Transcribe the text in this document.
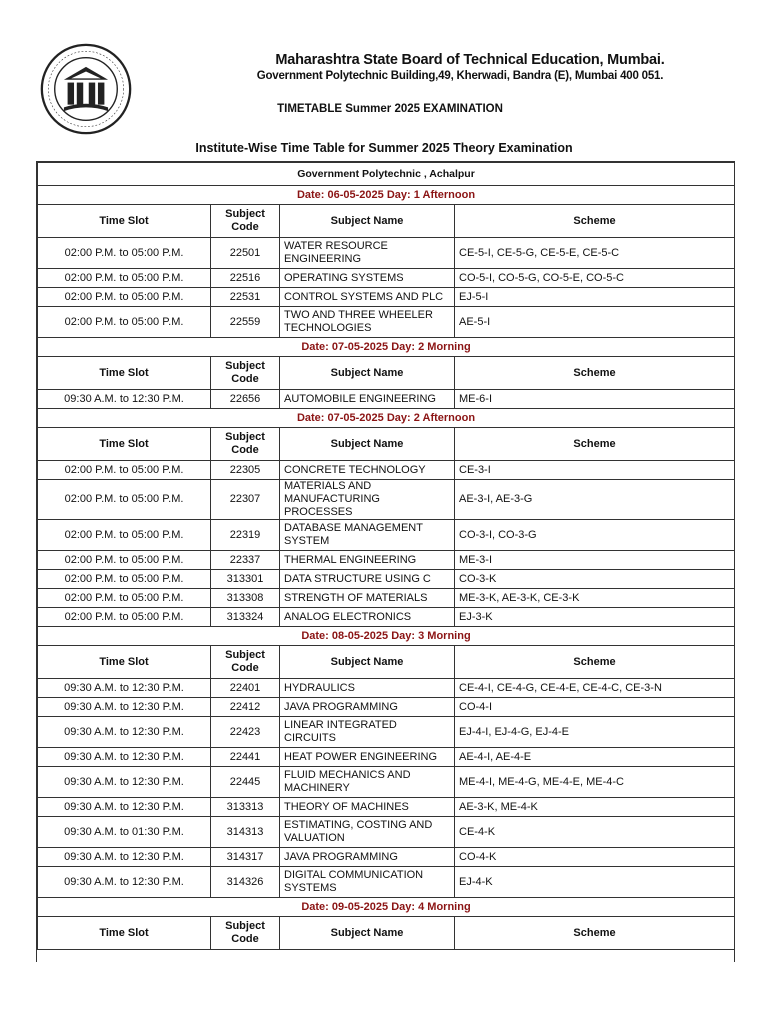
Maharashtra State Board of Technical Education, Mumbai.
Government Polytechnic Building,49, Kherwadi, Bandra (E), Mumbai 400 051.
TIMETABLE Summer 2025 EXAMINATION
Institute-Wise Time Table for Summer 2025 Theory Examination
Government Polytechnic , Achalpur			
Date: 06-05-2025 Day: 1 Afternoon			
Time Slot	Subject Code	Subject Name	Scheme
02:00 P.M. to 05:00 P.M.	22501	WATER RESOURCE ENGINEERING	CE-5-I, CE-5-G, CE-5-E, CE-5-C
02:00 P.M. to 05:00 P.M.	22516	OPERATING SYSTEMS	CO-5-I, CO-5-G, CO-5-E, CO-5-C
02:00 P.M. to 05:00 P.M.	22531	CONTROL SYSTEMS AND PLC	EJ-5-I
02:00 P.M. to 05:00 P.M.	22559	TWO AND THREE WHEELER TECHNOLOGIES	AE-5-I
Date: 07-05-2025 Day: 2 Morning			
Time Slot	Subject Code	Subject Name	Scheme
09:30 A.M. to 12:30 P.M.	22656	AUTOMOBILE ENGINEERING	ME-6-I
Date: 07-05-2025 Day: 2 Afternoon			
Time Slot	Subject Code	Subject Name	Scheme
02:00 P.M. to 05:00 P.M.	22305	CONCRETE TECHNOLOGY	CE-3-I
02:00 P.M. to 05:00 P.M.	22307	MATERIALS AND MANUFACTURING PROCESSES	AE-3-I, AE-3-G
02:00 P.M. to 05:00 P.M.	22319	DATABASE MANAGEMENT SYSTEM	CO-3-I, CO-3-G
02:00 P.M. to 05:00 P.M.	22337	THERMAL ENGINEERING	ME-3-I
02:00 P.M. to 05:00 P.M.	313301	DATA STRUCTURE USING C	CO-3-K
02:00 P.M. to 05:00 P.M.	313308	STRENGTH OF MATERIALS	ME-3-K, AE-3-K, CE-3-K
02:00 P.M. to 05:00 P.M.	313324	ANALOG ELECTRONICS	EJ-3-K
Date: 08-05-2025 Day: 3 Morning			
Time Slot	Subject Code	Subject Name	Scheme
09:30 A.M. to 12:30 P.M.	22401	HYDRAULICS	CE-4-I, CE-4-G, CE-4-E, CE-4-C, CE-3-N
09:30 A.M. to 12:30 P.M.	22412	JAVA PROGRAMMING	CO-4-I
09:30 A.M. to 12:30 P.M.	22423	LINEAR INTEGRATED CIRCUITS	EJ-4-I, EJ-4-G, EJ-4-E
09:30 A.M. to 12:30 P.M.	22441	HEAT POWER ENGINEERING	AE-4-I, AE-4-E
09:30 A.M. to 12:30 P.M.	22445	FLUID MECHANICS AND MACHINERY	ME-4-I, ME-4-G, ME-4-E, ME-4-C
09:30 A.M. to 12:30 P.M.	313313	THEORY OF MACHINES	AE-3-K, ME-4-K
09:30 A.M. to 01:30 P.M.	314313	ESTIMATING, COSTING AND VALUATION	CE-4-K
09:30 A.M. to 12:30 P.M.	314317	JAVA PROGRAMMING	CO-4-K
09:30 A.M. to 12:30 P.M.	314326	DIGITAL COMMUNICATION SYSTEMS	EJ-4-K
Date: 09-05-2025 Day: 4 Morning			
Time Slot	Subject Code	Subject Name	Scheme
